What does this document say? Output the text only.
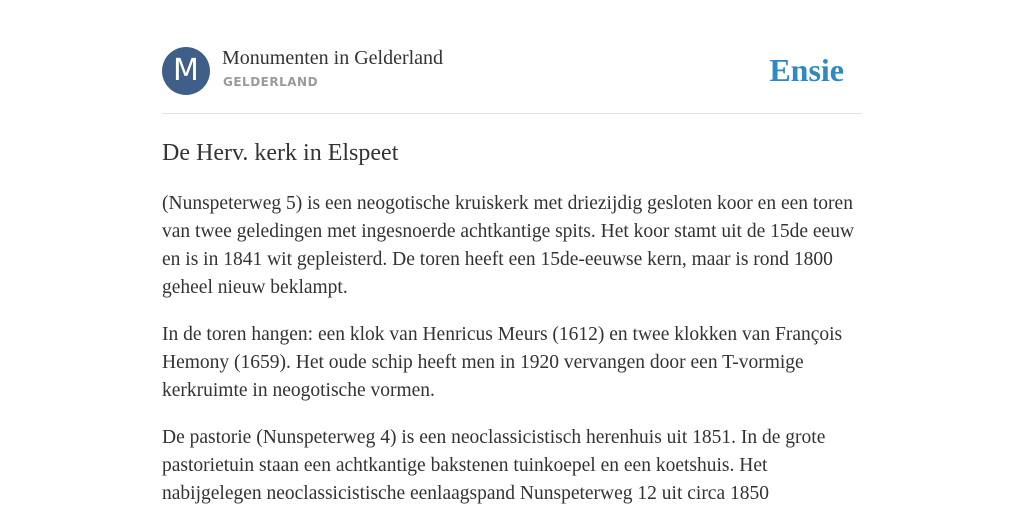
M	Monumenten in Gelderland
GELDERLAND	Ensie
De Herv. kerk in Elspeet

(Nunspeterweg 5) is een neogotische kruiskerk met driezijdig gesloten koor en een toren van twee geledingen met ingesnoerde achtkantige spits. Het koor stamt uit de 15de eeuw en is in 1841 wit gepleisterd. De toren heeft een 15de-eeuwse kern, maar is rond 1800 geheel nieuw beklampt.

In de toren hangen: een klok van Henricus Meurs (1612) en twee klokken van François Hemony (1659). Het oude schip heeft men in 1920 vervangen door een T-vormige kerkruimte in neogotische vormen.

De pastorie (Nunspeterweg 4) is een neoclassicistisch herenhuis uit 1851. In de grote pastorietuin staan een achtkantige bakstenen tuinkoepel en een koetshuis. Het nabijgelegen neoclassicistische eenlaagspand Nunspeterweg 12 uit circa 1850
